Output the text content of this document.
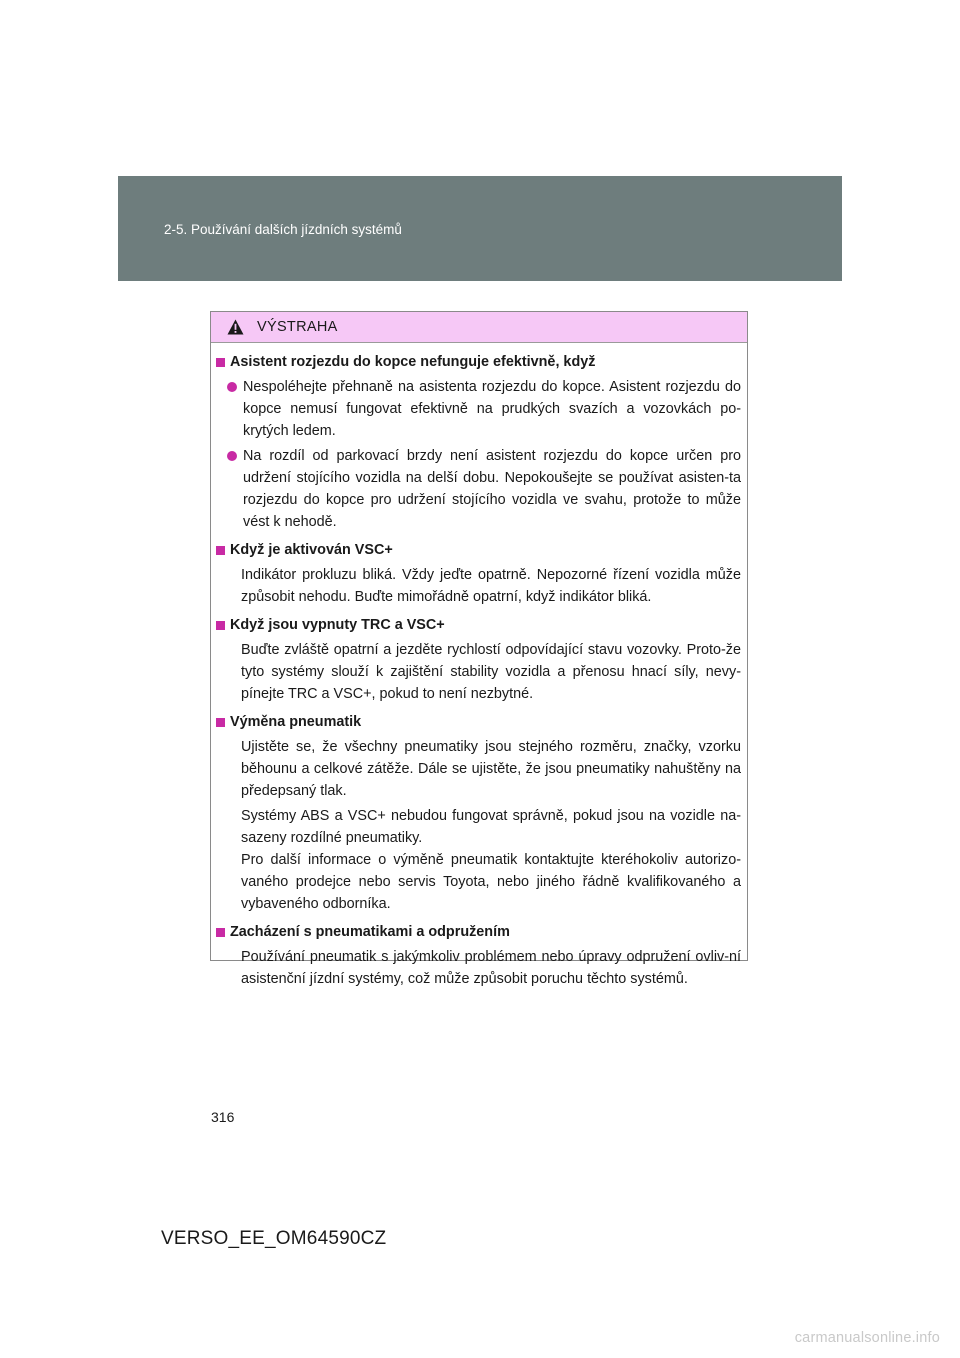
2-5. Používání dalších jízdních systémů
VÝSTRAHA
Asistent rozjezdu do kopce nefunguje efektivně, když
Nespoléhejte přehnaně na asistenta rozjezdu do kopce. Asistent rozjezdu do kopce nemusí fungovat efektivně na prudkých svazích a vozovkách po-krytých ledem.
Na rozdíl od parkovací brzdy není asistent rozjezdu do kopce určen pro udržení stojícího vozidla na delší dobu. Nepokoušejte se používat asisten-ta rozjezdu do kopce pro udržení stojícího vozidla ve svahu, protože to může vést k nehodě.
Když je aktivován VSC+
Indikátor prokluzu bliká. Vždy jeďte opatrně. Nepozorné řízení vozidla může způsobit nehodu. Buďte mimořádně opatrní, když indikátor bliká.
Když jsou vypnuty TRC a VSC+
Buďte zvláště opatrní a jezděte rychlostí odpovídající stavu vozovky. Proto-že tyto systémy slouží k zajištění stability vozidla a přenosu hnací síly, nevy-pínejte TRC a VSC+, pokud to není nezbytné.
Výměna pneumatik
Ujistěte se, že všechny pneumatiky jsou stejného rozměru, značky, vzorku běhounu a celkové zátěže. Dále se ujistěte, že jsou pneumatiky nahuštěny na předepsaný tlak.
Systémy ABS a VSC+ nebudou fungovat správně, pokud jsou na vozidle na-sazeny rozdílné pneumatiky.
Pro další informace o výměně pneumatik kontaktujte kteréhokoliv autorizo-vaného prodejce nebo servis Toyota, nebo jiného řádně kvalifikovaného a vybaveného odborníka.
Zacházení s pneumatikami a odpružením
Používání pneumatik s jakýmkoliv problémem nebo úpravy odpružení ovliv-ní asistenční jízdní systémy, což může způsobit poruchu těchto systémů.
316
VERSO_EE_OM64590CZ
carmanualsonline.info
